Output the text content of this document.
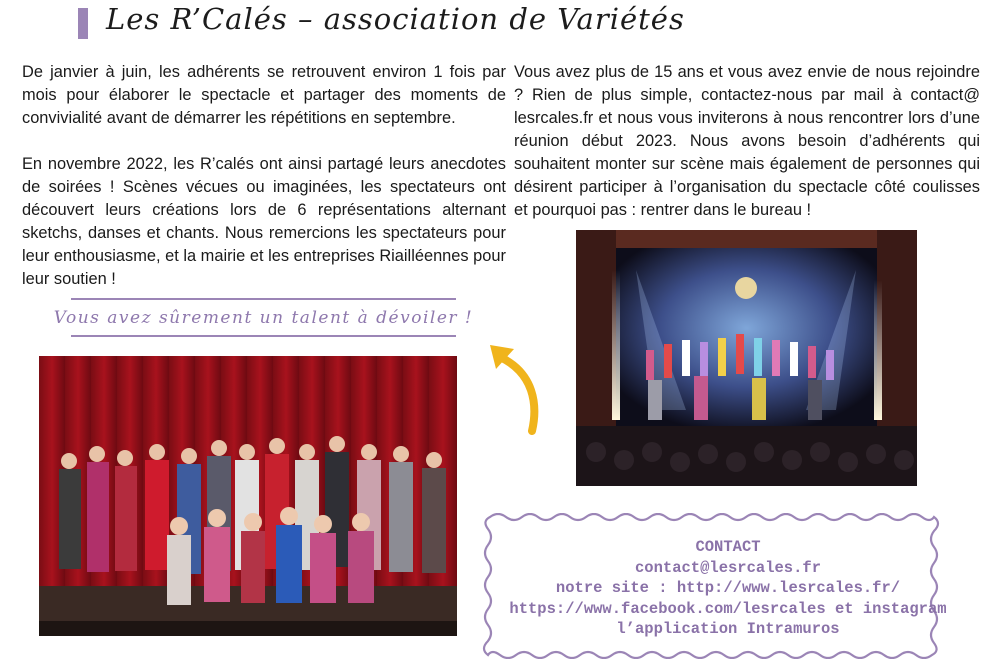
Les R’Calés – association de Variétés

De janvier à juin, les adhérents se retrouvent environ 1 fois par mois pour élaborer le spectacle et partager des moments de convivialité avant de démarrer les répétitions en septembre.

En novembre 2022, les R’calés ont ainsi partagé leurs anecdotes de soirées ! Scènes vécues ou imaginées, les spectateurs ont découvert leurs créations lors de 6 représentations alternant sketchs, danses et chants. Nous remercions les spectateurs pour leur enthousiasme, et la mairie et les entreprises Riailléennes pour leur soutien !

Vous avez plus de 15 ans et vous avez envie de nous rejoindre ? Rien de plus simple, contactez-nous par mail à contact@ lesrcales.fr et nous vous inviterons à nous rencontrer lors d’une réunion début 2023. Nous avons besoin d’adhérents qui souhaitent monter sur scène mais également de personnes qui désirent participer à l’organisation du spectacle côté coulisses et pourquoi pas : rentrer dans le bureau !

Vous avez sûrement un talent à dévoiler !
CONTACT
contact@lesrcales.fr
notre site : http://www.lesrcales.fr/
https://www.facebook.com/lesrcales et instagram
l’application Intramuros
